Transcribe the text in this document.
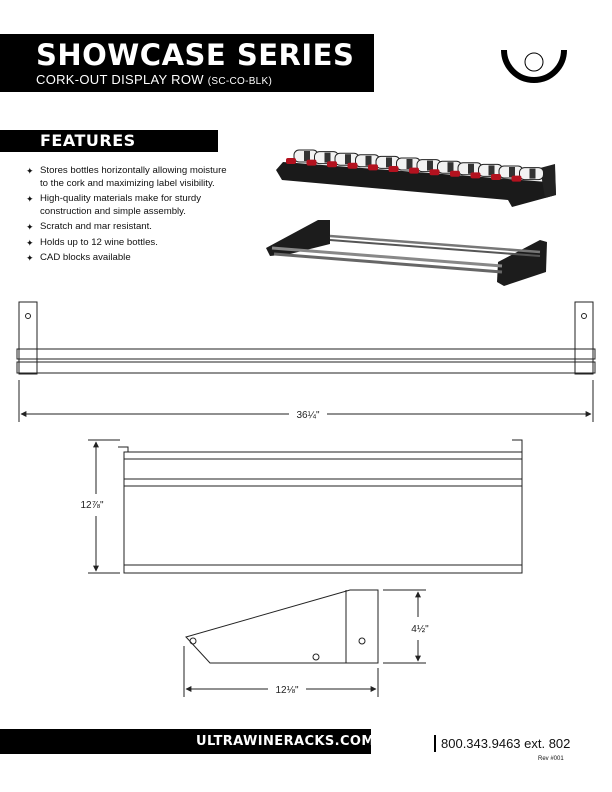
SHOWCASE SERIES
CORK-OUT DISPLAY ROW (SC-CO-BLK)
FEATURES
✦ Stores bottles horizontally allowing moisture
to the cork and maximizing label visibility.
✦ High-quality materials make for sturdy
construction and simple assembly.
✦ Scratch and mar resistant.
✦ Holds up to 12 wine bottles.
✦ CAD blocks available
36¼"
12⅞"
4½"
12⅛"
ULTRAWINERACKS.COM	800.343.9463 ext. 802
Rev #001
